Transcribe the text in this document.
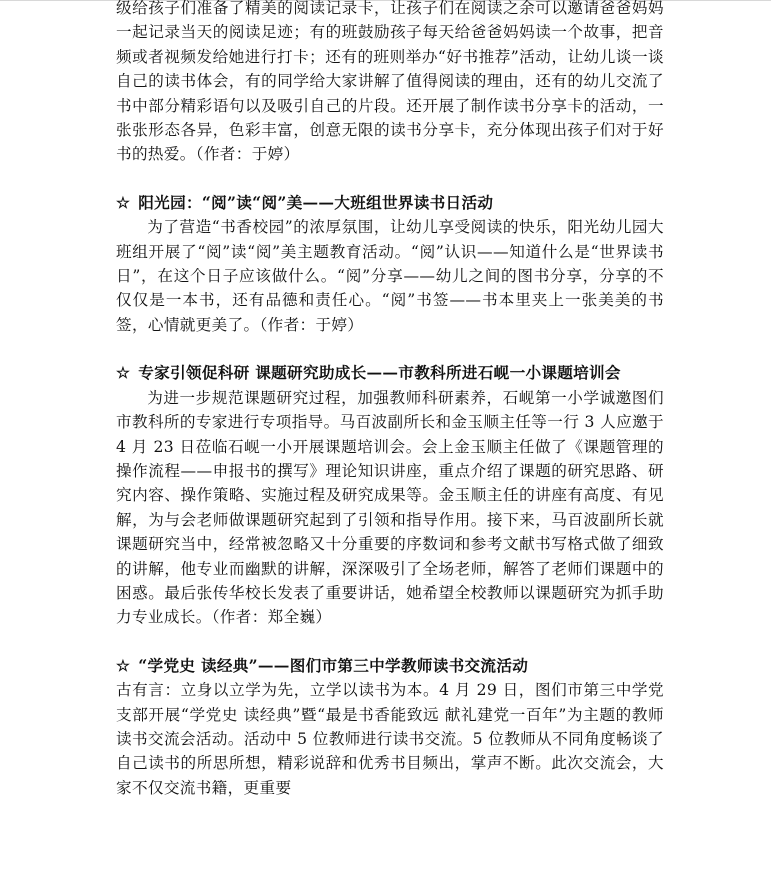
级给孩子们准备了精美的阅读记录卡，让孩子们在阅读之余可以邀请爸爸妈妈一起记录当天的阅读足迹；有的班鼓励孩子每天给爸爸妈妈读一个故事，把音频或者视频发给她进行打卡；还有的班则举办“好书推荐”活动，让幼儿谈一谈自己的读书体会，有的同学给大家讲解了值得阅读的理由，还有的幼儿交流了书中部分精彩语句以及吸引自己的片段。还开展了制作读书分享卡的活动，一张张形态各异，色彩丰富，创意无限的读书分享卡，充分体现出孩子们对于好书的热爱。（作者：于婷）

☆ 阳光园：“阅”读“阅”美——大班组世界读书日活动

为了营造“书香校园”的浓厚氛围，让幼儿享受阅读的快乐，阳光幼儿园大班组开展了“阅”读“阅”美主题教育活动。“阅”认识——知道什么是“世界读书日”，在这个日子应该做什么。“阅”分享——幼儿之间的图书分享，分享的不仅仅是一本书，还有品德和责任心。“阅”书签——书本里夹上一张美美的书签，心情就更美了。（作者：于婷）

☆ 专家引领促科研 课题研究助成长——市教科所进石岘一小课题培训会

为进一步规范课题研究过程，加强教师科研素养，石岘第一小学诚邀图们市教科所的专家进行专项指导。马百波副所长和金玉顺主任等一行 3 人应邀于 4 月 23 日莅临石岘一小开展课题培训会。会上金玉顺主任做了《课题管理的操作流程——申报书的撰写》理论知识讲座，重点介绍了课题的研究思路、研究内容、操作策略、实施过程及研究成果等。金玉顺主任的讲座有高度、有见解，为与会老师做课题研究起到了引领和指导作用。接下来，马百波副所长就课题研究当中，经常被忽略又十分重要的序数词和参考文献书写格式做了细致的讲解，他专业而幽默的讲解，深深吸引了全场老师，解答了老师们课题中的困惑。最后张传华校长发表了重要讲话，她希望全校教师以课题研究为抓手助力专业成长。（作者：郑全巍）

☆ “学党史 读经典”——图们市第三中学教师读书交流活动

古有言：立身以立学为先，立学以读书为本。4 月 29 日，图们市第三中学党支部开展“学党史 读经典”暨“最是书香能致远 献礼建党一百年”为主题的教师读书交流会活动。活动中 5 位教师进行读书交流。5 位教师从不同角度畅谈了自己读书的所思所想，精彩说辞和优秀书目频出，掌声不断。此次交流会，大家不仅交流书籍，更重要
